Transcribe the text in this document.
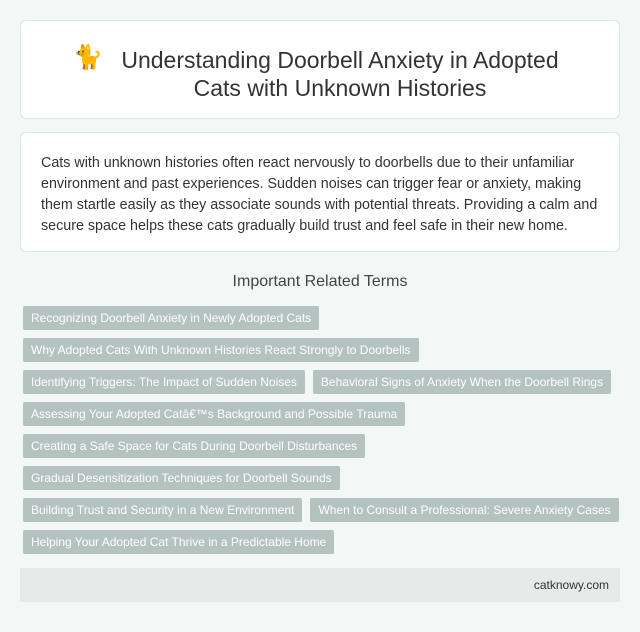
🐈 Understanding Doorbell Anxiety in Adopted
Cats with Unknown Histories

Cats with unknown histories often react nervously to doorbells due to their unfamiliar environment and past experiences. Sudden noises can trigger fear or anxiety, making them startle easily as they associate sounds with potential threats. Providing a calm and secure space helps these cats gradually build trust and feel safe in their new home.

Important Related Terms
Recognizing Doorbell Anxiety in Newly Adopted Cats
Why Adopted Cats With Unknown Histories React Strongly to Doorbells
Identifying Triggers: The Impact of Sudden Noises	Behavioral Signs of Anxiety When the Doorbell Rings
Assessing Your Adopted Catâ€™s Background and Possible Trauma
Creating a Safe Space for Cats During Doorbell Disturbances
Gradual Desensitization Techniques for Doorbell Sounds
Building Trust and Security in a New Environment	When to Consult a Professional: Severe Anxiety Cases
Helping Your Adopted Cat Thrive in a Predictable Home
catknowy.com
